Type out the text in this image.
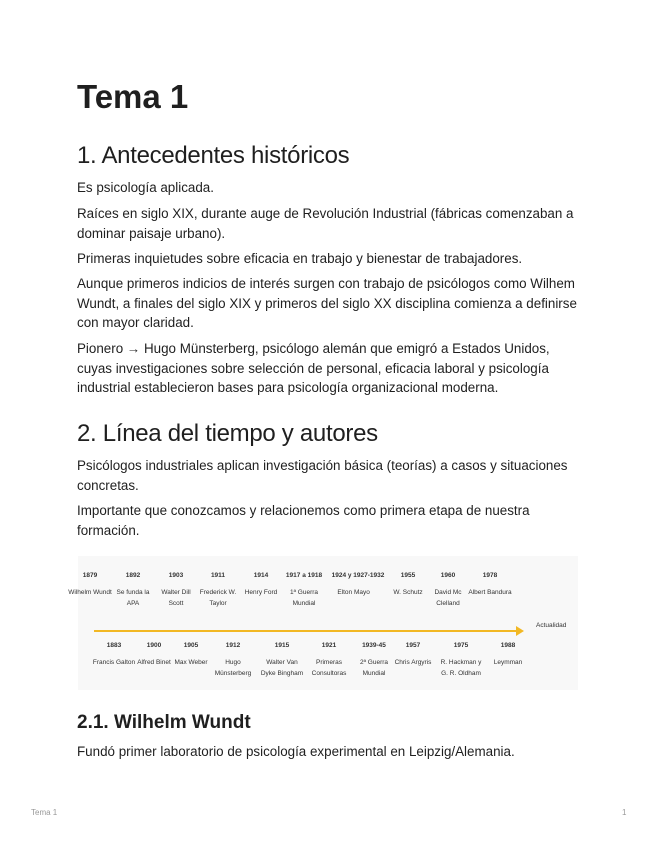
Tema 1
1. Antecedentes históricos

Es psicología aplicada.

Raíces en siglo XIX, durante auge de Revolución Industrial (fábricas comenzaban a dominar paisaje urbano).

Primeras inquietudes sobre eficacia en trabajo y bienestar de trabajadores.

Aunque primeros indicios de interés surgen con trabajo de psicólogos como Wilhem Wundt, a finales del siglo XIX y primeros del siglo XX disciplina comienza a definirse con mayor claridad.

Pionero → Hugo Münsterberg, psicólogo alemán que emigró a Estados Unidos, cuyas investigaciones sobre selección de personal, eficacia laboral y psicología industrial establecieron bases para psicología organizacional moderna.

2. Línea del tiempo y autores

Psicólogos industriales aplican investigación básica (teorías) a casos y situaciones concretas.

Importante que conozcamos y relacionemos como primera etapa de nuestra formación.

Actualidad
1879
Wilhelm Wundt
1892
Se funda la APA
1903
Walter Dill Scott
1911
Frederick W. Taylor
1914
Henry Ford
1917 a 1918
1ª Guerra Mundial
1924 y 1927-1932
Elton Mayo
1955
W. Schutz
1960
David Mc Clelland
1978
Albert Bandura
1883
Francis Galton
1900
Alfred Binet
1905
Max Weber
1912
Hugo Münsterberg
1915
Walter Van Dyke Bingham
1921
Primeras Consultoras
1939-45
2ª Guerra Mundial
1957
Chris Argyris
1975
R. Hackman y G. R. Oldham
1988
Leymman
2.1. Wilhelm Wundt

Fundó primer laboratorio de psicología experimental en Leipzig/Alemania.

Tema 1	1
